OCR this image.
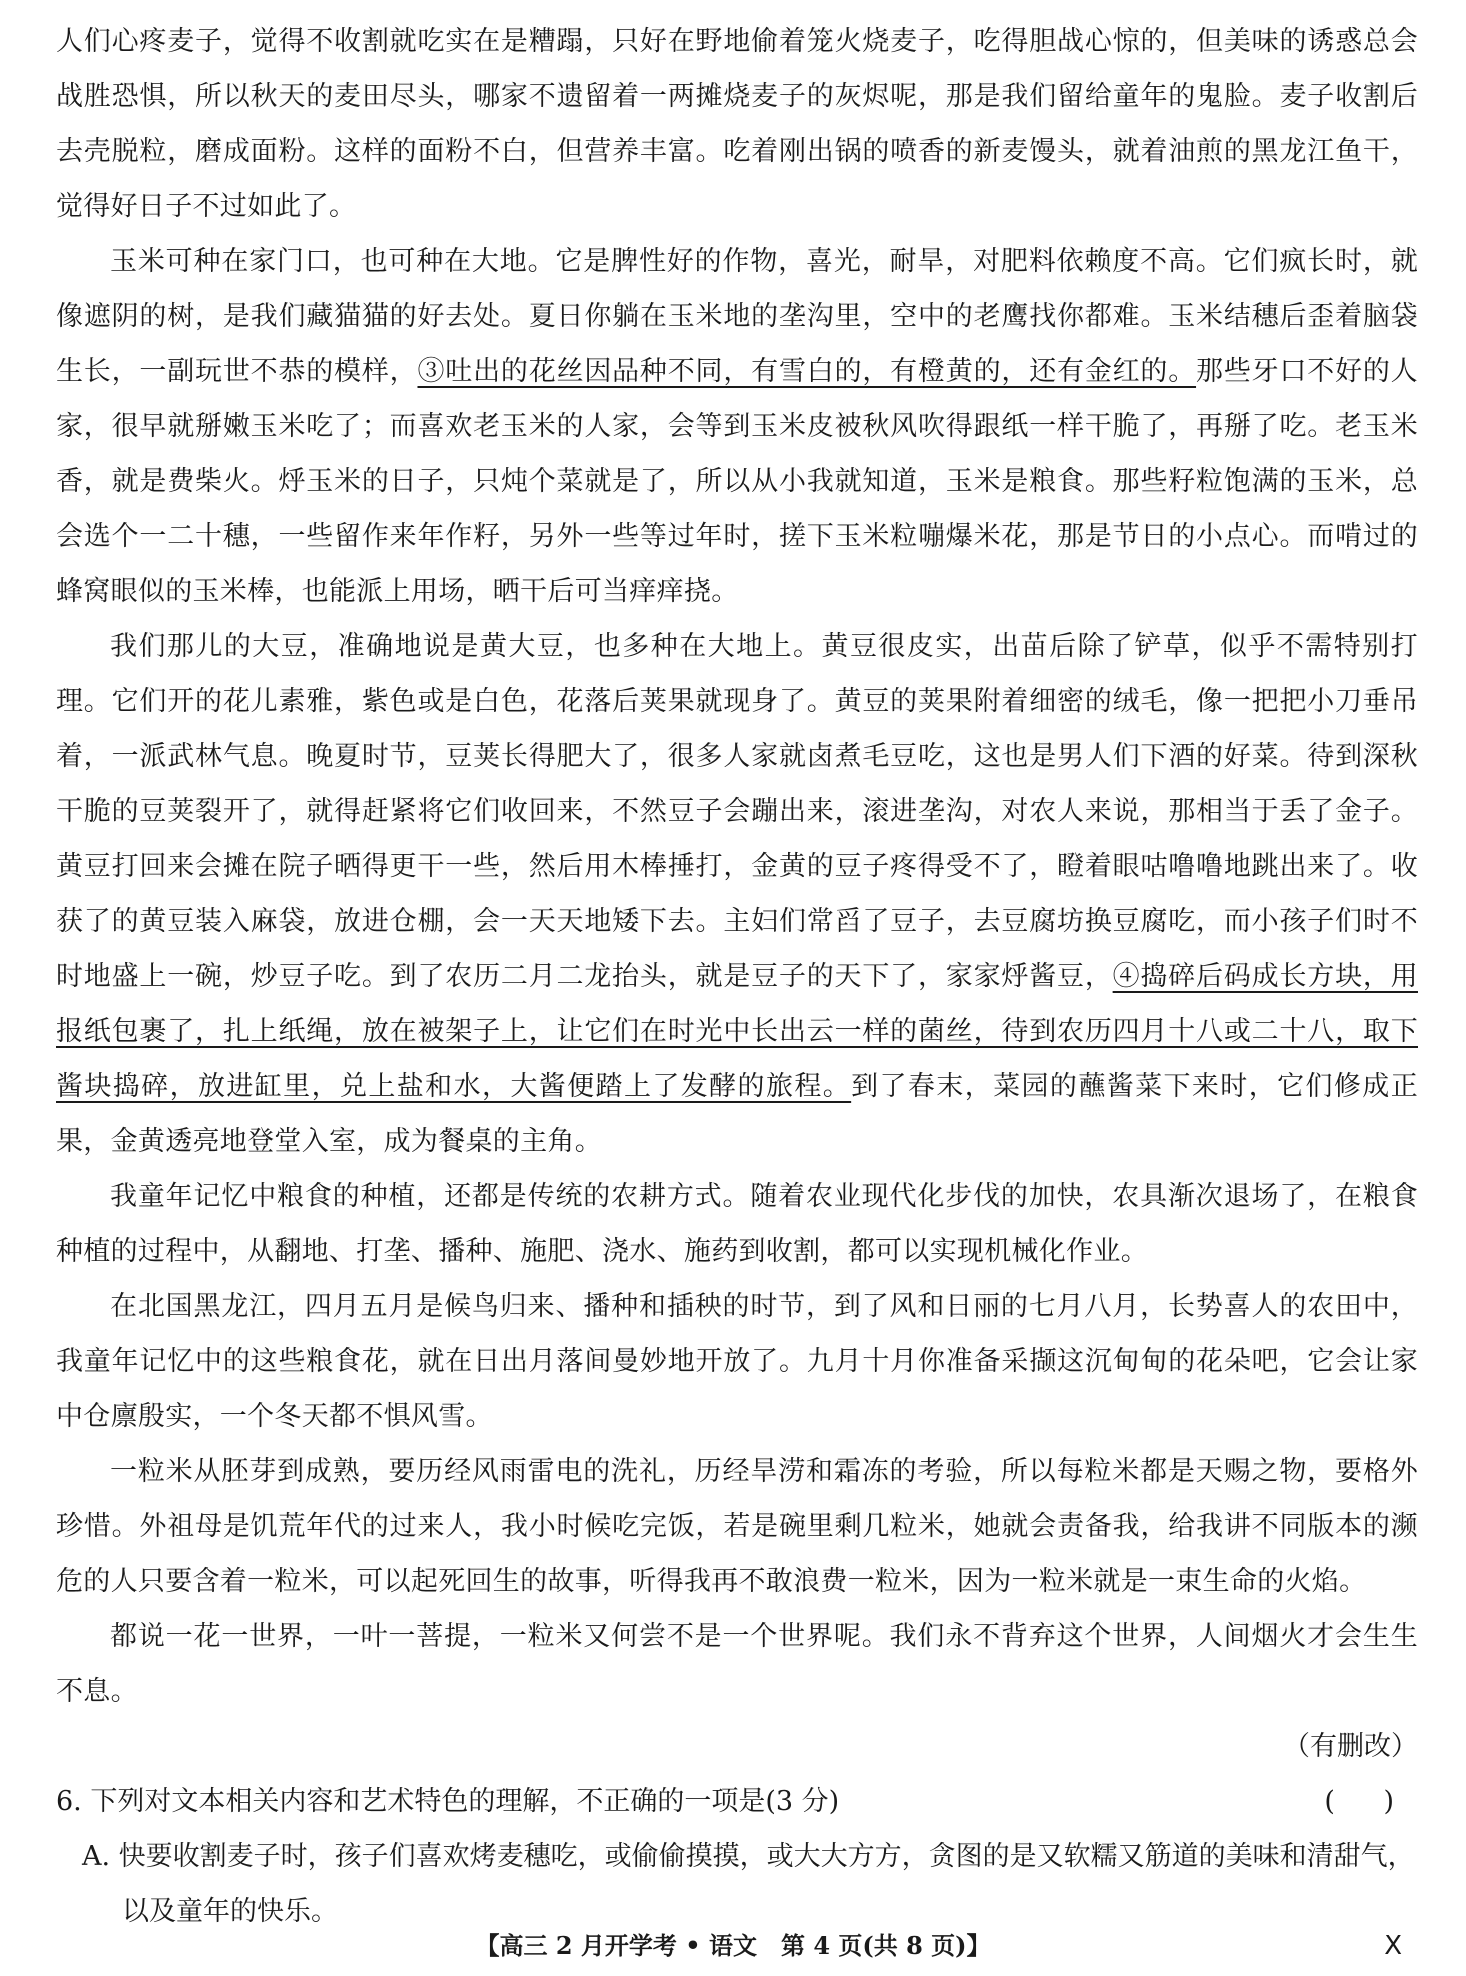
人们心疼麦子，觉得不收割就吃实在是糟蹋，只好在野地偷着笼火烧麦子，吃得胆战心惊的，但美味的诱惑总会战胜恐惧，所以秋天的麦田尽头，哪家不遗留着一两摊烧麦子的灰烬呢，那是我们留给童年的鬼脸。麦子收割后去壳脱粒，磨成面粉。这样的面粉不白，但营养丰富。吃着刚出锅的喷香的新麦馒头，就着油煎的黑龙江鱼干，觉得好日子不过如此了。

玉米可种在家门口，也可种在大地。它是脾性好的作物，喜光，耐旱，对肥料依赖度不高。它们疯长时，就像遮阴的树，是我们藏猫猫的好去处。夏日你躺在玉米地的垄沟里，空中的老鹰找你都难。玉米结穗后歪着脑袋生长，一副玩世不恭的模样，③吐出的花丝因品种不同，有雪白的，有橙黄的，还有金红的。那些牙口不好的人家，很早就掰嫩玉米吃了；而喜欢老玉米的人家，会等到玉米皮被秋风吹得跟纸一样干脆了，再掰了吃。老玉米香，就是费柴火。烀玉米的日子，只炖个菜就是了，所以从小我就知道，玉米是粮食。那些籽粒饱满的玉米，总会选个一二十穗，一些留作来年作籽，另外一些等过年时，搓下玉米粒嘣爆米花，那是节日的小点心。而啃过的蜂窝眼似的玉米棒，也能派上用场，晒干后可当痒痒挠。

我们那儿的大豆，准确地说是黄大豆，也多种在大地上。黄豆很皮实，出苗后除了铲草，似乎不需特别打理。它们开的花儿素雅，紫色或是白色，花落后荚果就现身了。黄豆的荚果附着细密的绒毛，像一把把小刀垂吊着，一派武林气息。晚夏时节，豆荚长得肥大了，很多人家就卤煮毛豆吃，这也是男人们下酒的好菜。待到深秋干脆的豆荚裂开了，就得赶紧将它们收回来，不然豆子会蹦出来，滚进垄沟，对农人来说，那相当于丢了金子。黄豆打回来会摊在院子晒得更干一些，然后用木棒捶打，金黄的豆子疼得受不了，瞪着眼咕噜噜地跳出来了。收获了的黄豆装入麻袋，放进仓棚，会一天天地矮下去。主妇们常舀了豆子，去豆腐坊换豆腐吃，而小孩子们时不时地盛上一碗，炒豆子吃。到了农历二月二龙抬头，就是豆子的天下了，家家烀酱豆，④捣碎后码成长方块，用报纸包裹了，扎上纸绳，放在被架子上，让它们在时光中长出云一样的菌丝，待到农历四月十八或二十八，取下酱块捣碎，放进缸里，兑上盐和水，大酱便踏上了发酵的旅程。到了春末，菜园的蘸酱菜下来时，它们修成正果，金黄透亮地登堂入室，成为餐桌的主角。

我童年记忆中粮食的种植，还都是传统的农耕方式。随着农业现代化步伐的加快，农具渐次退场了，在粮食种植的过程中，从翻地、打垄、播种、施肥、浇水、施药到收割，都可以实现机械化作业。

在北国黑龙江，四月五月是候鸟归来、播种和插秧的时节，到了风和日丽的七月八月，长势喜人的农田中，我童年记忆中的这些粮食花，就在日出月落间曼妙地开放了。九月十月你准备采撷这沉甸甸的花朵吧，它会让家中仓廪殷实，一个冬天都不惧风雪。

一粒米从胚芽到成熟，要历经风雨雷电的洗礼，历经旱涝和霜冻的考验，所以每粒米都是天赐之物，要格外珍惜。外祖母是饥荒年代的过来人，我小时候吃完饭，若是碗里剩几粒米，她就会责备我，给我讲不同版本的濒危的人只要含着一粒米，可以起死回生的故事，听得我再不敢浪费一粒米，因为一粒米就是一束生命的火焰。

都说一花一世界，一叶一菩提，一粒米又何尝不是一个世界呢。我们永不背弃这个世界，人间烟火才会生生不息。

（有删改）

6. 下列对文本相关内容和艺术特色的理解，不正确的一项是(3 分)	( )
A. 快要收割麦子时，孩子们喜欢烤麦穗吃，或偷偷摸摸，或大大方方，贪图的是又软糯又筋道的美味和清甜气，
以及童年的快乐。
【高三 2 月开学考 • 语文　第 4 页(共 8 页)】	X
